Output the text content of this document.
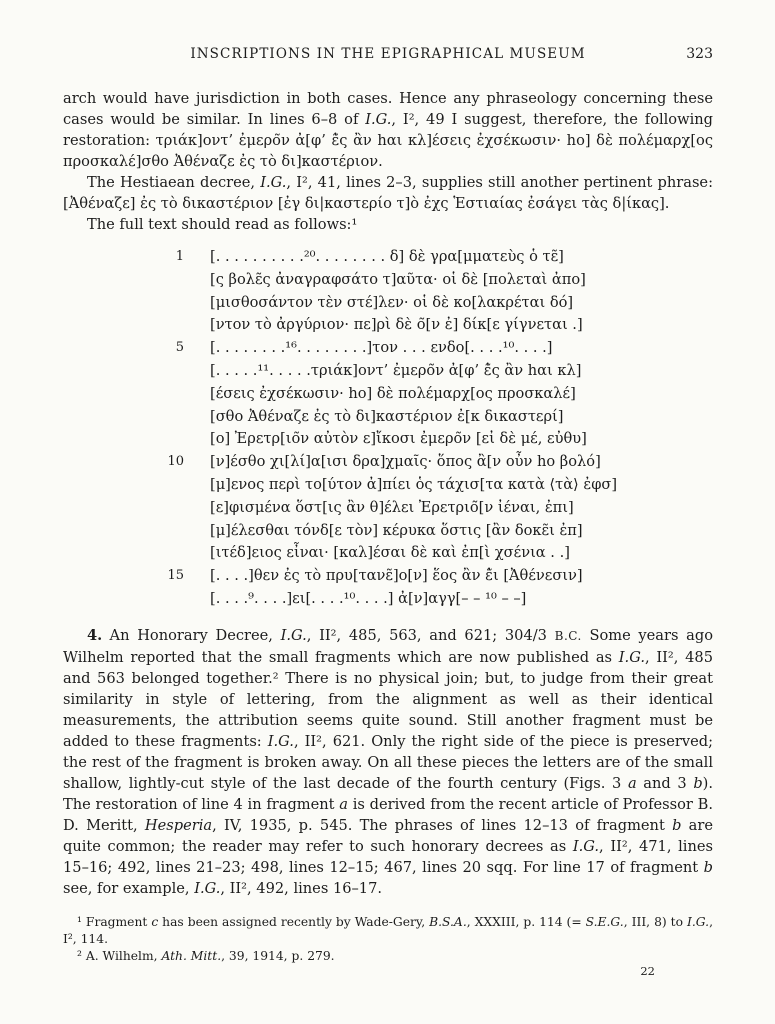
INSCRIPTIONS IN THE EPIGRAPHICAL MUSEUM	323

arch would have jurisdiction in both cases. Hence any phraseology concerning these cases would be similar. In lines 6–8 of I.G., I², 49 I suggest, therefore, the following restoration: τριάκ]οντ’ ἐμερο̃ν ἀ[φ’ ἐ̃ς ἂν hαι κλ]έσεις ἐχσέκωσιν· hο] δὲ πολέμαρχ[ος προσκαλέ]σθο Ἀθέναζε ἐς τὸ δι]καστέριον.

The Hestiaean decree, I.G., I², 41, lines 2–3, supplies still another pertinent phrase: [Ἀθέναζε] ἐς τὸ δικαστέριον [ἐγ δι|καστερίο τ]ὸ ἐχς Ἑστιαίας ἐσάγει τὰς δ|ίκας].

The full text should read as follows:¹

1	[. . . . . . . . . .²⁰. . . . . . . . δ] δὲ γρα[μματεὺς ὁ τε̃]
[ς βολε̃ς ἀναγραφσάτο τ]αῦτα· οἱ δὲ [πολεταὶ ἀπο]
[μισθοσάντον τὲν στέ]λεν· οἱ δὲ κο[λακρέται δό]
[ντον τὸ ἀργύριον· πε]ρὶ δὲ ο̃[ν ἐ] δίκ[ε γίγνεται .]
5	[. . . . . . . .¹⁶. . . . . . . .]τον . . . ενδο[. . . .¹⁰. . . .]
[. . . . .¹¹. . . . .τριάκ]οντ’ ἐμερο̃ν ἀ[φ’ ἐ̃ς ἂν hαι κλ]
[έσεις ἐχσέκωσιν· hο] δὲ πολέμαρχ[ος προσκαλέ]
[σθο Ἀθέναζε ἐς τὸ δι]καστέριον ἐ[κ δικαστερί]
[ο] Ἐρετρ[ιο̃ν αὐτὸν ε]ἴκοσι ἐμερο̃ν [εἰ δὲ μέ, εὐθυ]
10	[ν]έσθο χι[λί]α[ισι δρα]χμαῖς· ὅπος ἂ[ν οὖν hο βολό]
[μ]ενος περὶ το[ύτον ἀ]πίει ὁς τάχισ[τα κατὰ ⟨τὰ⟩ ἐφσ]
[ε]φισμένα ὅστ[ις ἂν θ]έλει Ἐρετριο̃[ν ἰέναι, ἐπι]
[μ]έλεσθαι τόνδ[ε τὸν] κέρυκα ὅστις [ἂν δοκε̃ι ἐπ]
[ιτέδ]ειος εἶναι· [καλ]έσαι δὲ καὶ ἐπ[ὶ χσένια . .]
15	[. . . .]θεν ἐς τὸ πρυ[τανε̃]ο[ν] ἕος ἂν ἐ̃ι [Ἀθένεσιν]
[. . . .⁹. . . .]ει[. . . .¹⁰. . . .] ἀ[ν]αγγ[– – ¹⁰ – –]

4. An Honorary Decree, I.G., II², 485, 563, and 621; 304/3 B.C. Some years ago Wilhelm reported that the small fragments which are now published as I.G., II², 485 and 563 belonged together.² There is no physical join; but, to judge from their great similarity in style of lettering, from the alignment as well as their identical measurements, the attribution seems quite sound. Still another fragment must be added to these fragments: I.G., II², 621. Only the right side of the piece is preserved; the rest of the fragment is broken away. On all these pieces the letters are of the small shallow, lightly-cut style of the last decade of the fourth century (Figs. 3 a and 3 b). The restoration of line 4 in fragment a is derived from the recent article of Professor B. D. Meritt, Hesperia, IV, 1935, p. 545. The phrases of lines 12–13 of fragment b are quite common; the reader may refer to such honorary decrees as I.G., II², 471, lines 15–16; 492, lines 21–23; 498, lines 12–15; 467, lines 20 sqq. For line 17 of fragment b see, for example, I.G., II², 492, lines 16–17.

¹ Fragment c has been assigned recently by Wade-Gery, B.S.A., XXXIII, p. 114 (= S.E.G., III, 8) to I.G., I², 114.

² A. Wilhelm, Ath. Mitt., 39, 1914, p. 279.

22
